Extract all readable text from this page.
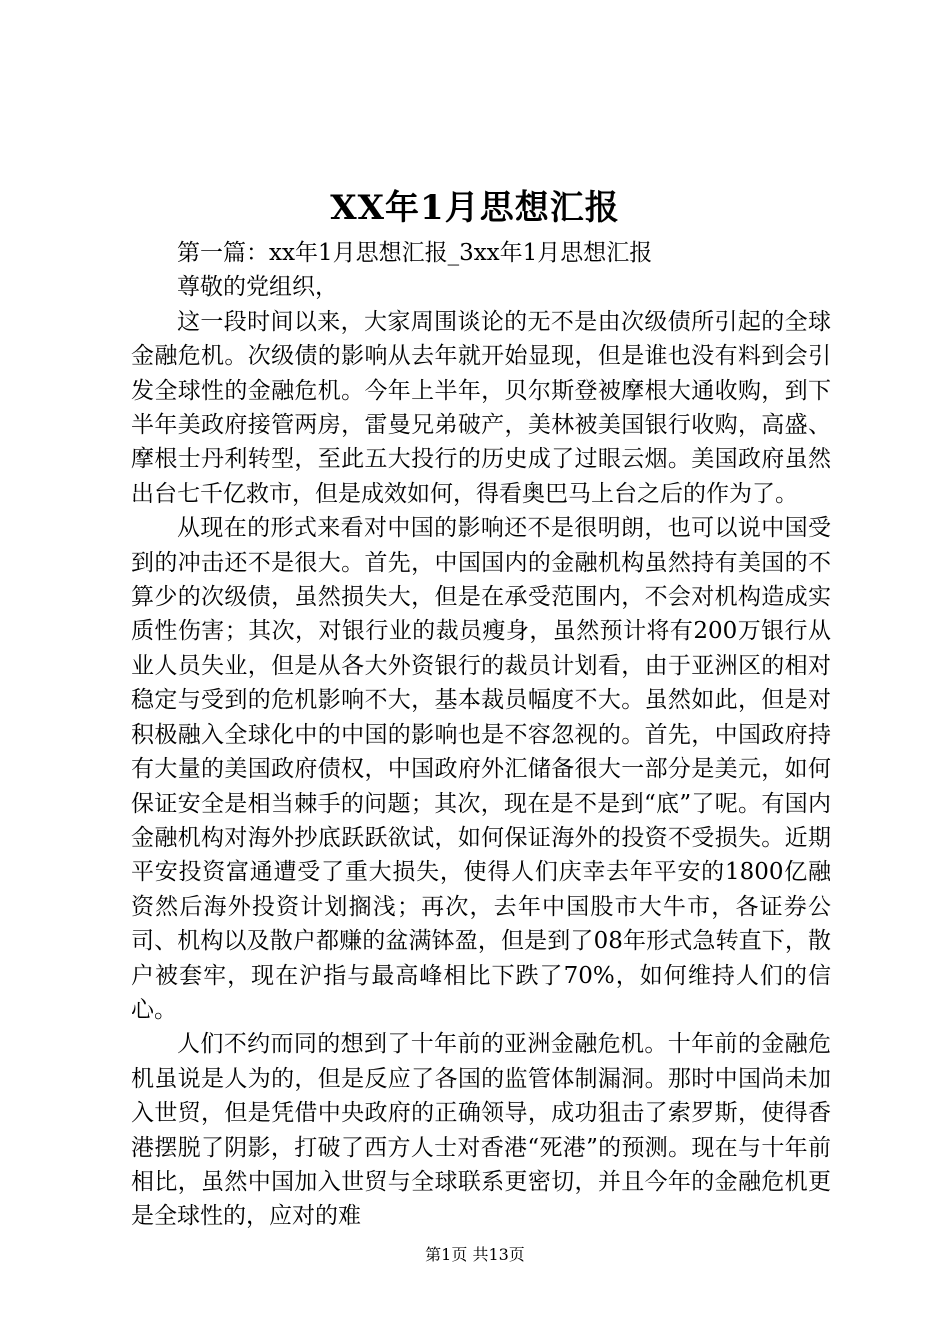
XX年1月思想汇报

第一篇：xx年1月思想汇报_3xx年1月思想汇报

尊敬的党组织，

这一段时间以来，大家周围谈论的无不是由次级债所引起的全球金融危机。次级债的影响从去年就开始显现，但是谁也没有料到会引发全球性的金融危机。今年上半年，贝尔斯登被摩根大通收购，到下半年美政府接管两房，雷曼兄弟破产，美林被美国银行收购，高盛、摩根士丹利转型，至此五大投行的历史成了过眼云烟。美国政府虽然出台七千亿救市，但是成效如何，得看奥巴马上台之后的作为了。

从现在的形式来看对中国的影响还不是很明朗，也可以说中国受到的冲击还不是很大。首先，中国国内的金融机构虽然持有美国的不算少的次级债，虽然损失大，但是在承受范围内，不会对机构造成实质性伤害；其次，对银行业的裁员瘦身，虽然预计将有200万银行从业人员失业，但是从各大外资银行的裁员计划看，由于亚洲区的相对稳定与受到的危机影响不大，基本裁员幅度不大。虽然如此，但是对积极融入全球化中的中国的影响也是不容忽视的。首先，中国政府持有大量的美国政府债权，中国政府外汇储备很大一部分是美元，如何保证安全是相当棘手的问题；其次，现在是不是到“底”了呢。有国内金融机构对海外抄底跃跃欲试，如何保证海外的投资不受损失。近期平安投资富通遭受了重大损失，使得人们庆幸去年平安的1800亿融资然后海外投资计划搁浅；再次，去年中国股市大牛市，各证券公司、机构以及散户都赚的盆满钵盈，但是到了08年形式急转直下，散户被套牢，现在沪指与最高峰相比下跌了70%，如何维持人们的信心。

人们不约而同的想到了十年前的亚洲金融危机。十年前的金融危机虽说是人为的，但是反应了各国的监管体制漏洞。那时中国尚未加入世贸，但是凭借中央政府的正确领导，成功狙击了索罗斯，使得香港摆脱了阴影，打破了西方人士对香港“死港”的预测。现在与十年前相比，虽然中国加入世贸与全球联系更密切，并且今年的金融危机更是全球性的，应对的难

第1页 共13页
